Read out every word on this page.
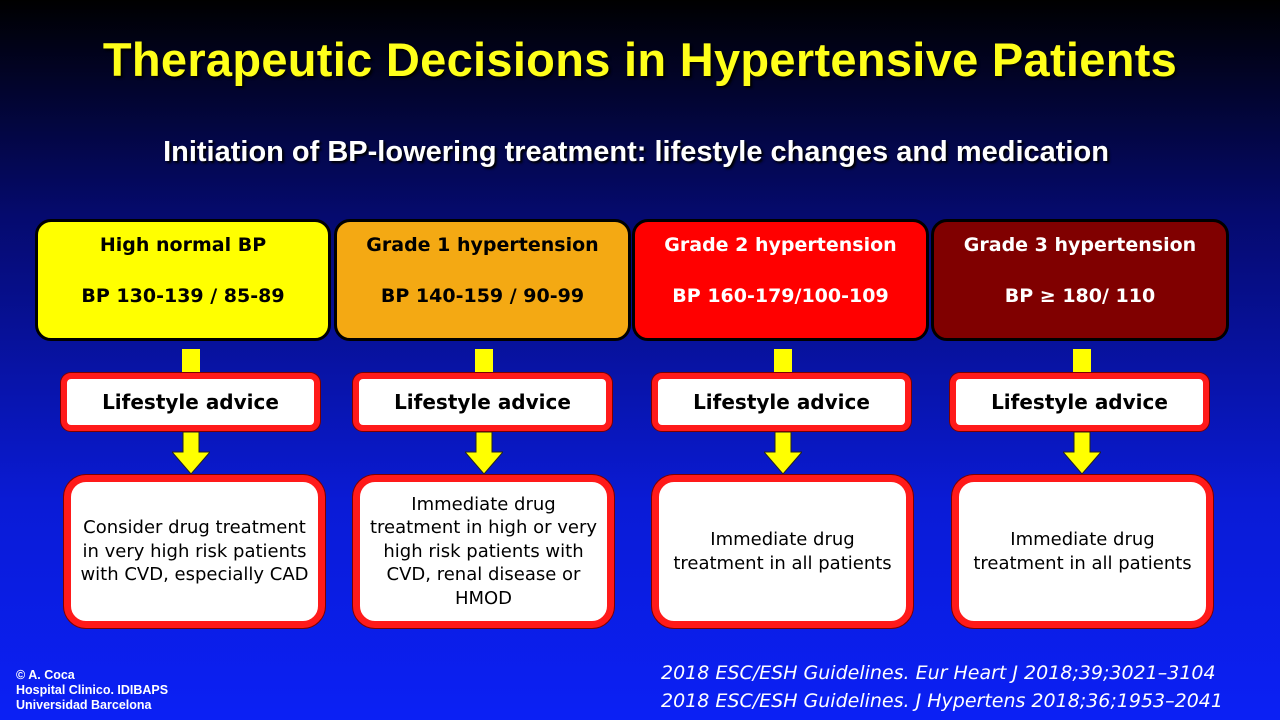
Therapeutic Decisions in Hypertensive Patients
Initiation of BP-lowering treatment: lifestyle changes and medication
High normal BP
BP 130-139 / 85-89
Lifestyle advice
Consider drug treatment in very high risk patients with CVD, especially CAD
Grade 1 hypertension
BP 140-159 / 90-99
Lifestyle advice
Immediate drug treatment in high or very high risk patients with CVD, renal disease or HMOD
Grade 2 hypertension
BP 160-179/100-109
Lifestyle advice
Immediate drug treatment in all patients
Grade 3 hypertension
BP ≥ 180/ 110
Lifestyle advice
Immediate drug treatment in all patients
© A. Coca
Hospital Clinico. IDIBAPS
Universidad Barcelona
2018 ESC/ESH Guidelines. Eur Heart J 2018;39;3021–3104
2018 ESC/ESH Guidelines. J Hypertens 2018;36;1953–2041
